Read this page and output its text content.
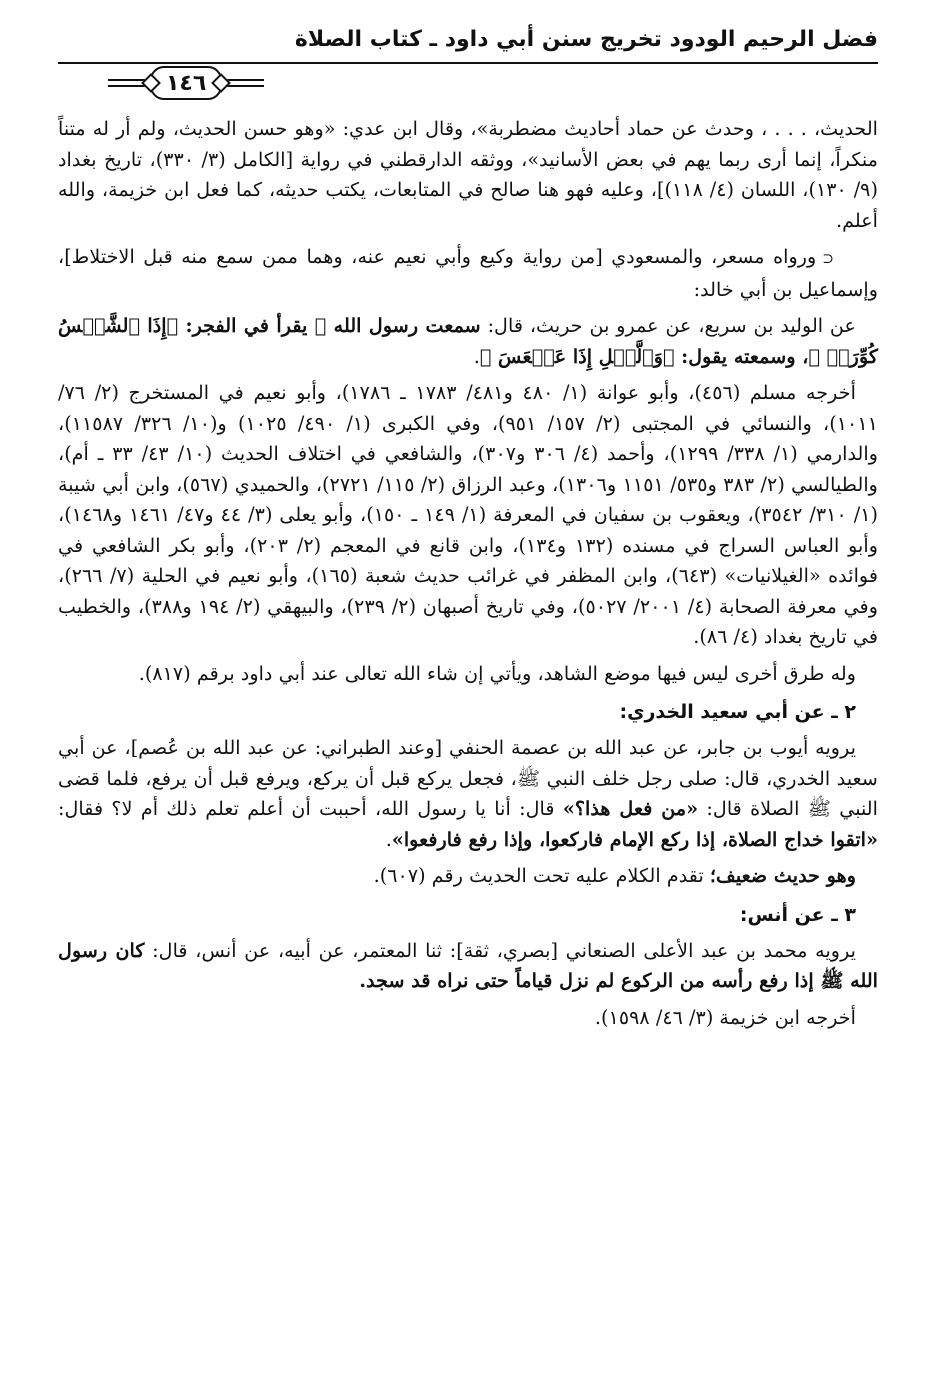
فضل الرحيم الودود تخريج سنن أبي داود ـ كتاب الصلاة
١٤٦

الحديث، . . . ، وحدث عن حماد أحاديث مضطربة»، وقال ابن عدي: «وهو حسن الحديث، ولم أر له متناً منكراً، إنما أرى ربما يهم في بعض الأسانيد»، ووثقه الدارقطني في رواية [الكامل (٣/ ٣٣٠)، تاريخ بغداد (٩/ ١٣٠)، اللسان (٤/ ١١٨)]، وعليه فهو هنا صالح في المتابعات، يكتب حديثه، كما فعل ابن خزيمة، والله أعلم.

⊂ورواه مسعر، والمسعودي [من رواية وكيع وأبي نعيم عنه، وهما ممن سمع منه قبل الاختلاط]، وإسماعيل بن أبي خالد:

عن الوليد بن سريع، عن عمرو بن حريث، قال: سمعت رسول الله ﷺ يقرأ في الفجر: ﴿إِذَا ٱلشَّمۡسُ كُوِّرَتۡ ﴾، وسمعته يقول: ﴿وَٱلَّيۡلِ إِذَا عَسۡعَسَ ﴾.

أخرجه مسلم (٤٥٦)، وأبو عوانة (١/ ٤٨٠ و٤٨١/ ١٧٨٣ ـ ١٧٨٦)، وأبو نعيم في المستخرج (٢/ ٧٦/ ١٠١١)، والنسائي في المجتبى (٢/ ١٥٧/ ٩٥١)، وفي الكبرى (١/ ٤٩٠/ ١٠٢٥) و(١٠/ ٣٢٦/ ١١٥٨٧)، والدارمي (١/ ٣٣٨/ ١٢٩٩)، وأحمد (٤/ ٣٠٦ و٣٠٧)، والشافعي في اختلاف الحديث (١٠/ ٤٣/ ٣٣ ـ أم)، والطيالسي (٢/ ٣٨٣ و٥٣٥/ ١١٥١ و١٣٠٦)، وعبد الرزاق (٢/ ١١٥/ ٢٧٢١)، والحميدي (٥٦٧)، وابن أبي شيبة (١/ ٣١٠/ ٣٥٤٢)، ويعقوب بن سفيان في المعرفة (١/ ١٤٩ ـ ١٥٠)، وأبو يعلى (٣/ ٤٤ و٤٧/ ١٤٦١ و١٤٦٨)، وأبو العباس السراج في مسنده (١٣٢ و١٣٤)، وابن قانع في المعجم (٢/ ٢٠٣)، وأبو بكر الشافعي في فوائده «الغيلانيات» (٦٤٣)، وابن المظفر في غرائب حديث شعبة (١٦٥)، وأبو نعيم في الحلية (٧/ ٢٦٦)، وفي معرفة الصحابة (٤/ ٢٠٠١/ ٥٠٢٧)، وفي تاريخ أصبهان (٢/ ٢٣٩)، والبيهقي (٢/ ١٩٤ و٣٨٨)، والخطيب في تاريخ بغداد (٤/ ٨٦).

وله طرق أخرى ليس فيها موضع الشاهد، ويأتي إن شاء الله تعالى عند أبي داود برقم (٨١٧).

٢ ـ عن أبي سعيد الخدري:

يرويه أيوب بن جابر، عن عبد الله بن عصمة الحنفي [وعند الطبراني: عن عبد الله بن عُصم]، عن أبي سعيد الخدري، قال: صلى رجل خلف النبي ﷺ، فجعل يركع قبل أن يركع، ويرفع قبل أن يرفع، فلما قضى النبي ﷺ الصلاة قال: «من فعل هذا؟» قال: أنا يا رسول الله، أحببت أن أعلم تعلم ذلك أم لا؟ فقال: «اتقوا خداج الصلاة، إذا ركع الإمام فاركعوا، وإذا رفع فارفعوا».

وهو حديث ضعيف؛ تقدم الكلام عليه تحت الحديث رقم (٦٠٧).

٣ ـ عن أنس:

يرويه محمد بن عبد الأعلى الصنعاني [بصري، ثقة]: ثنا المعتمر، عن أبيه، عن أنس، قال: كان رسول الله ﷺ إذا رفع رأسه من الركوع لم نزل قياماً حتى نراه قد سجد.

أخرجه ابن خزيمة (٣/ ٤٦/ ١٥٩٨).
